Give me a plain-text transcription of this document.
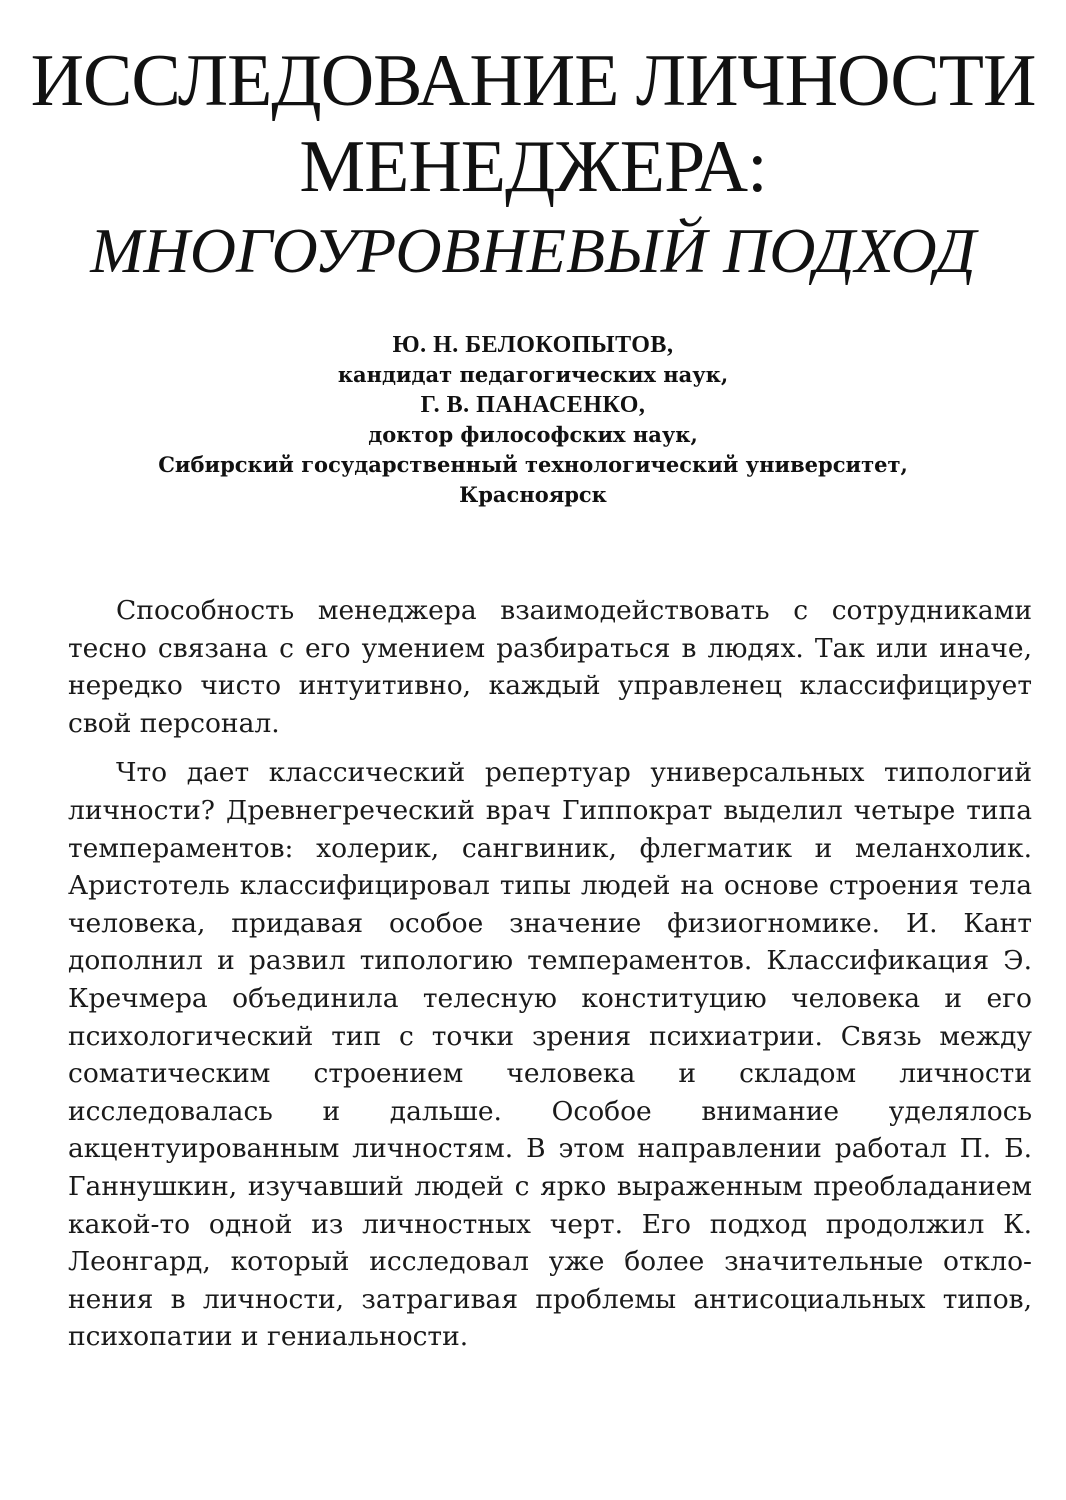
ИССЛЕДОВАНИЕ ЛИЧНОСТИ
МЕНЕДЖЕРА:
МНОГОУРОВНЕВЫЙ ПОДХОД
Ю. Н. БЕЛОКОПЫТОВ,
кандидат педагогических наук,
Г. В. ПАНАСЕНКО,
доктор философских наук,
Сибирский государственный технологический университет,
Красноярск

Способность менеджера взаимодействовать с сотрудниками тесно связана с его умением разбираться в людях. Так или иначе, нередко чисто интуитивно, каждый управленец классифицирует свой персонал.

Что дает классический репертуар универсальных типологий личности? Древнегреческий врач Гиппократ выделил четыре типа темпераментов: холерик, сангвиник, флегматик и меланхолик. Аристотель классифицировал типы людей на основе строения тела человека, придавая особое значение физиогномике. И. Кант дополнил и развил типологию темпераментов. Классификация Э. Кречмера объединила телесную конституцию человека и его психологический тип с точки зрения психиатрии. Связь между соматическим строением человека и складом личности исследовалась и дальше. Особое внимание уделялось акцентуированным личностям. В этом направлении работал П. Б. Ганнушкин, изучавший людей с ярко выраженным преобладанием какой-то одной из личностных черт. Его подход продолжил К. Леонгард, который исследовал уже более значительные отклонения в личности, затрагивая проблемы антисоциальных типов, психопатии и гениальности.
